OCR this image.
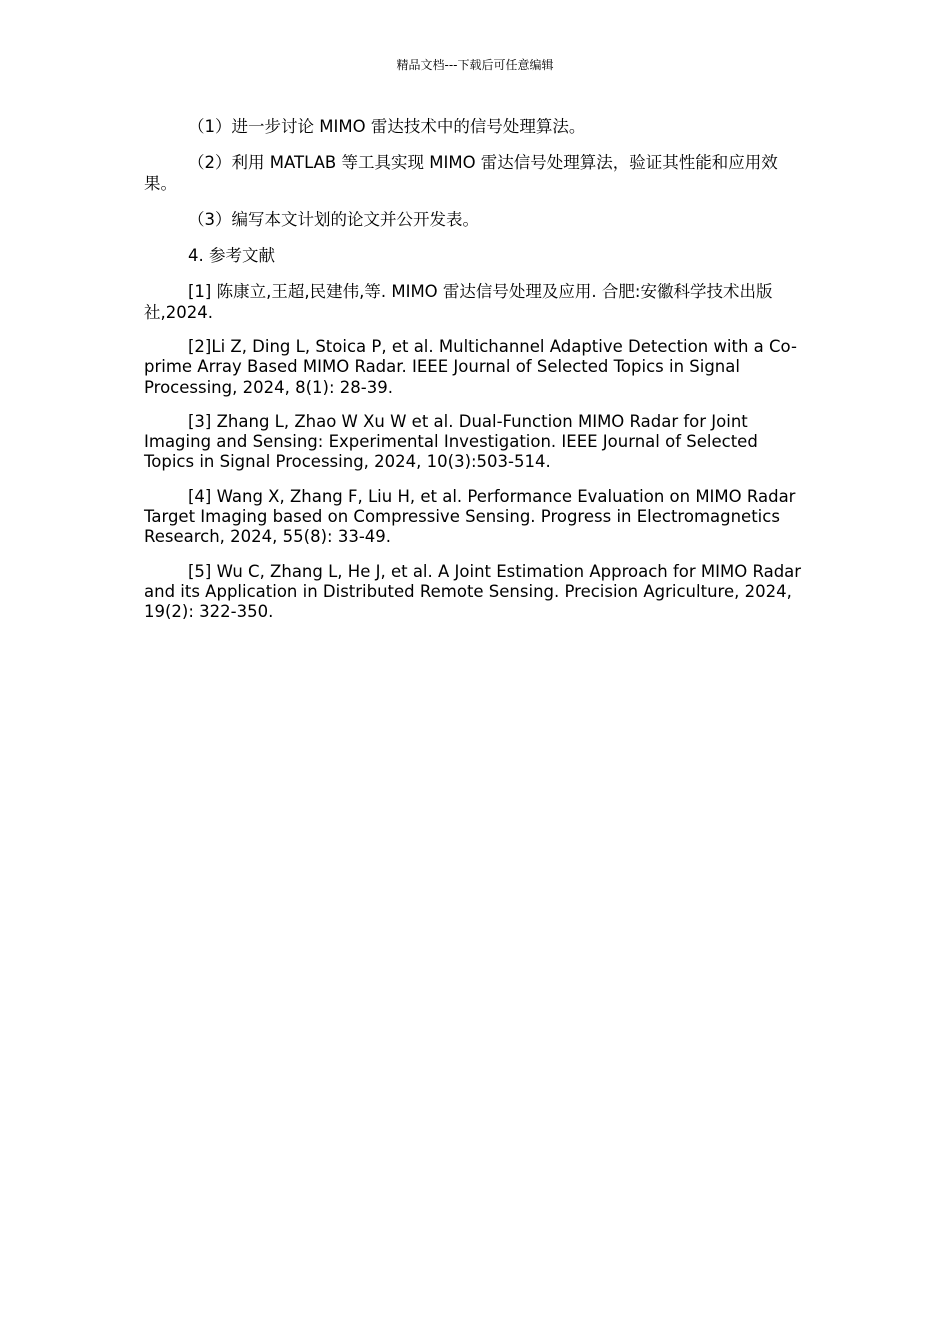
精品文档---下载后可任意编辑

（1）进一步讨论 MIMO 雷达技术中的信号处理算法。

（2）利用 MATLAB 等工具实现 MIMO 雷达信号处理算法，验证其性能和应用效果。

（3）编写本文计划的论文并公开发表。

4. 参考文献

[1] 陈康立,王超,民建伟,等. MIMO 雷达信号处理及应用. 合肥:安徽科学技术出版社,2024.

[2]Li Z, Ding L, Stoica P, et al. Multichannel Adaptive Detection with a Co-prime Array Based MIMO Radar. IEEE Journal of Selected Topics in Signal Processing, 2024, 8(1): 28-39.

[3] Zhang L, Zhao W Xu W et al. Dual-Function MIMO Radar for Joint Imaging and Sensing: Experimental Investigation. IEEE Journal of Selected Topics in Signal Processing, 2024, 10(3):503-514.

[4] Wang X, Zhang F, Liu H, et al. Performance Evaluation on MIMO Radar Target Imaging based on Compressive Sensing. Progress in Electromagnetics Research, 2024, 55(8): 33-49.

[5] Wu C, Zhang L, He J, et al. A Joint Estimation Approach for MIMO Radar and its Application in Distributed Remote Sensing. Precision Agriculture, 2024, 19(2): 322-350.
